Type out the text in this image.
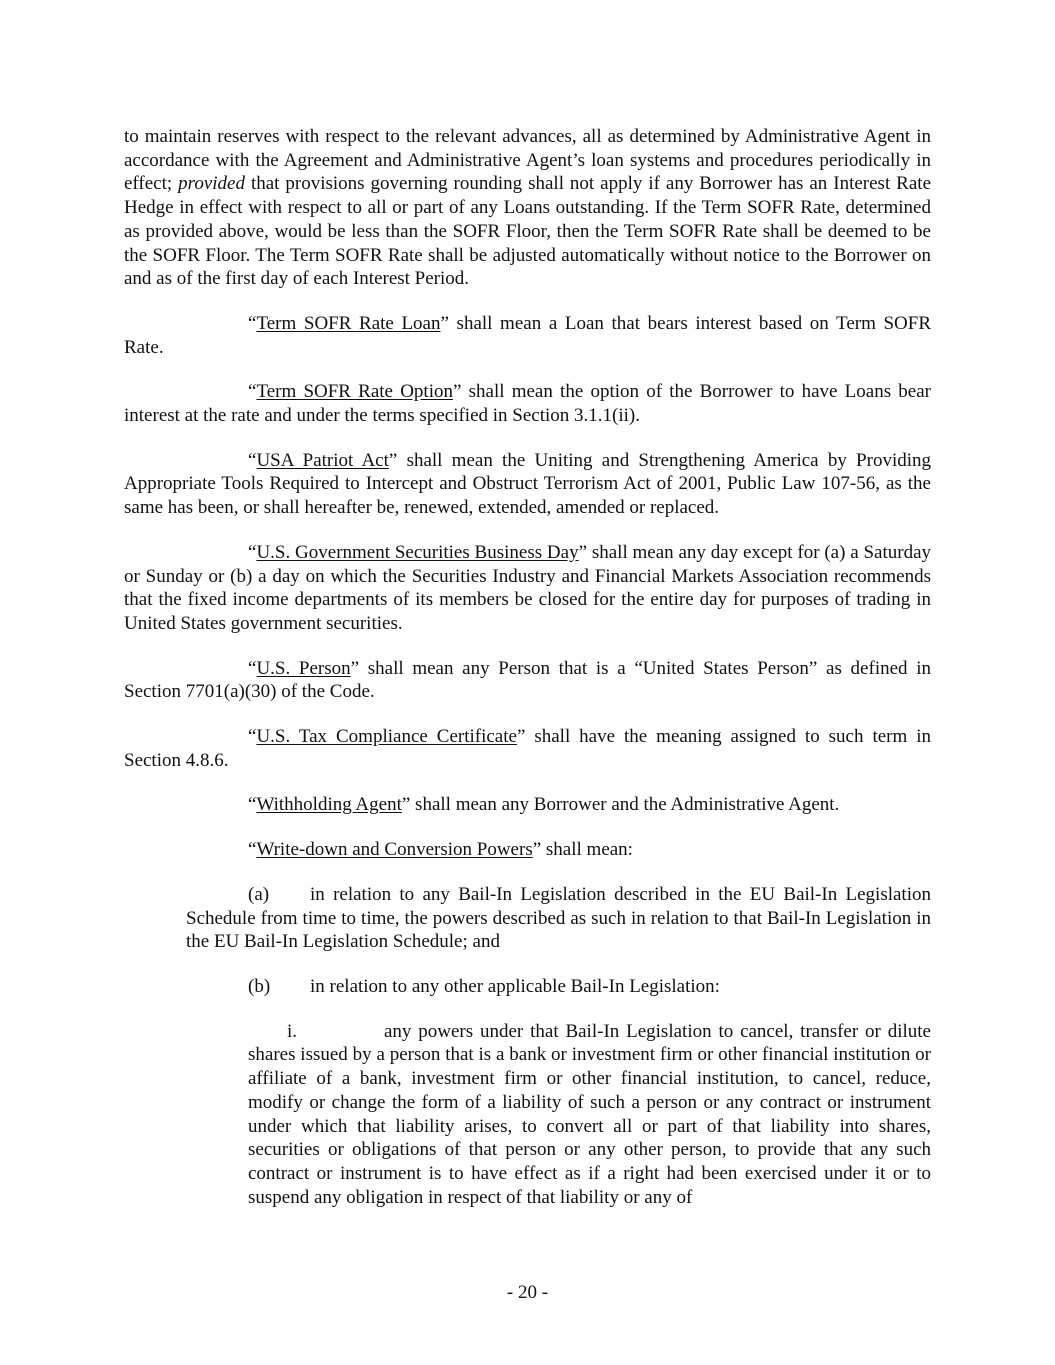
to maintain reserves with respect to the relevant advances, all as determined by Administrative Agent in accordance with the Agreement and Administrative Agent’s loan systems and procedures periodically in effect; provided that provisions governing rounding shall not apply if any Borrower has an Interest Rate Hedge in effect with respect to all or part of any Loans outstanding. If the Term SOFR Rate, determined as provided above, would be less than the SOFR Floor, then the Term SOFR Rate shall be deemed to be the SOFR Floor. The Term SOFR Rate shall be adjusted automatically without notice to the Borrower on and as of the first day of each Interest Period.

“Term SOFR Rate Loan” shall mean a Loan that bears interest based on Term SOFR Rate.

“Term SOFR Rate Option” shall mean the option of the Borrower to have Loans bear interest at the rate and under the terms specified in Section 3.1.1(ii).

“USA Patriot Act” shall mean the Uniting and Strengthening America by Providing Appropriate Tools Required to Intercept and Obstruct Terrorism Act of 2001, Public Law 107-56, as the same has been, or shall hereafter be, renewed, extended, amended or replaced.

“U.S. Government Securities Business Day” shall mean any day except for (a) a Saturday or Sunday or (b) a day on which the Securities Industry and Financial Markets Association recommends that the fixed income departments of its members be closed for the entire day for purposes of trading in United States government securities.

“U.S. Person” shall mean any Person that is a “United States Person” as defined in Section 7701(a)(30) of the Code.

“U.S. Tax Compliance Certificate” shall have the meaning assigned to such term in Section 4.8.6.

“Withholding Agent” shall mean any Borrower and the Administrative Agent.

“Write-down and Conversion Powers” shall mean:

(a) in relation to any Bail-In Legislation described in the EU Bail-In Legislation Schedule from time to time, the powers described as such in relation to that Bail-In Legislation in the EU Bail-In Legislation Schedule; and

(b) in relation to any other applicable Bail-In Legislation:

i.	any powers under that Bail-In Legislation to cancel, transfer or dilute shares issued by a person that is a bank or investment firm or other financial institution or affiliate of a bank, investment firm or other financial institution, to cancel, reduce, modify or change the form of a liability of such a person or any contract or instrument under which that liability arises, to convert all or part of that liability into shares, securities or obligations of that person or any other person, to provide that any such contract or instrument is to have effect as if a right had been exercised under it or to suspend any obligation in respect of that liability or any of

- 20 -
